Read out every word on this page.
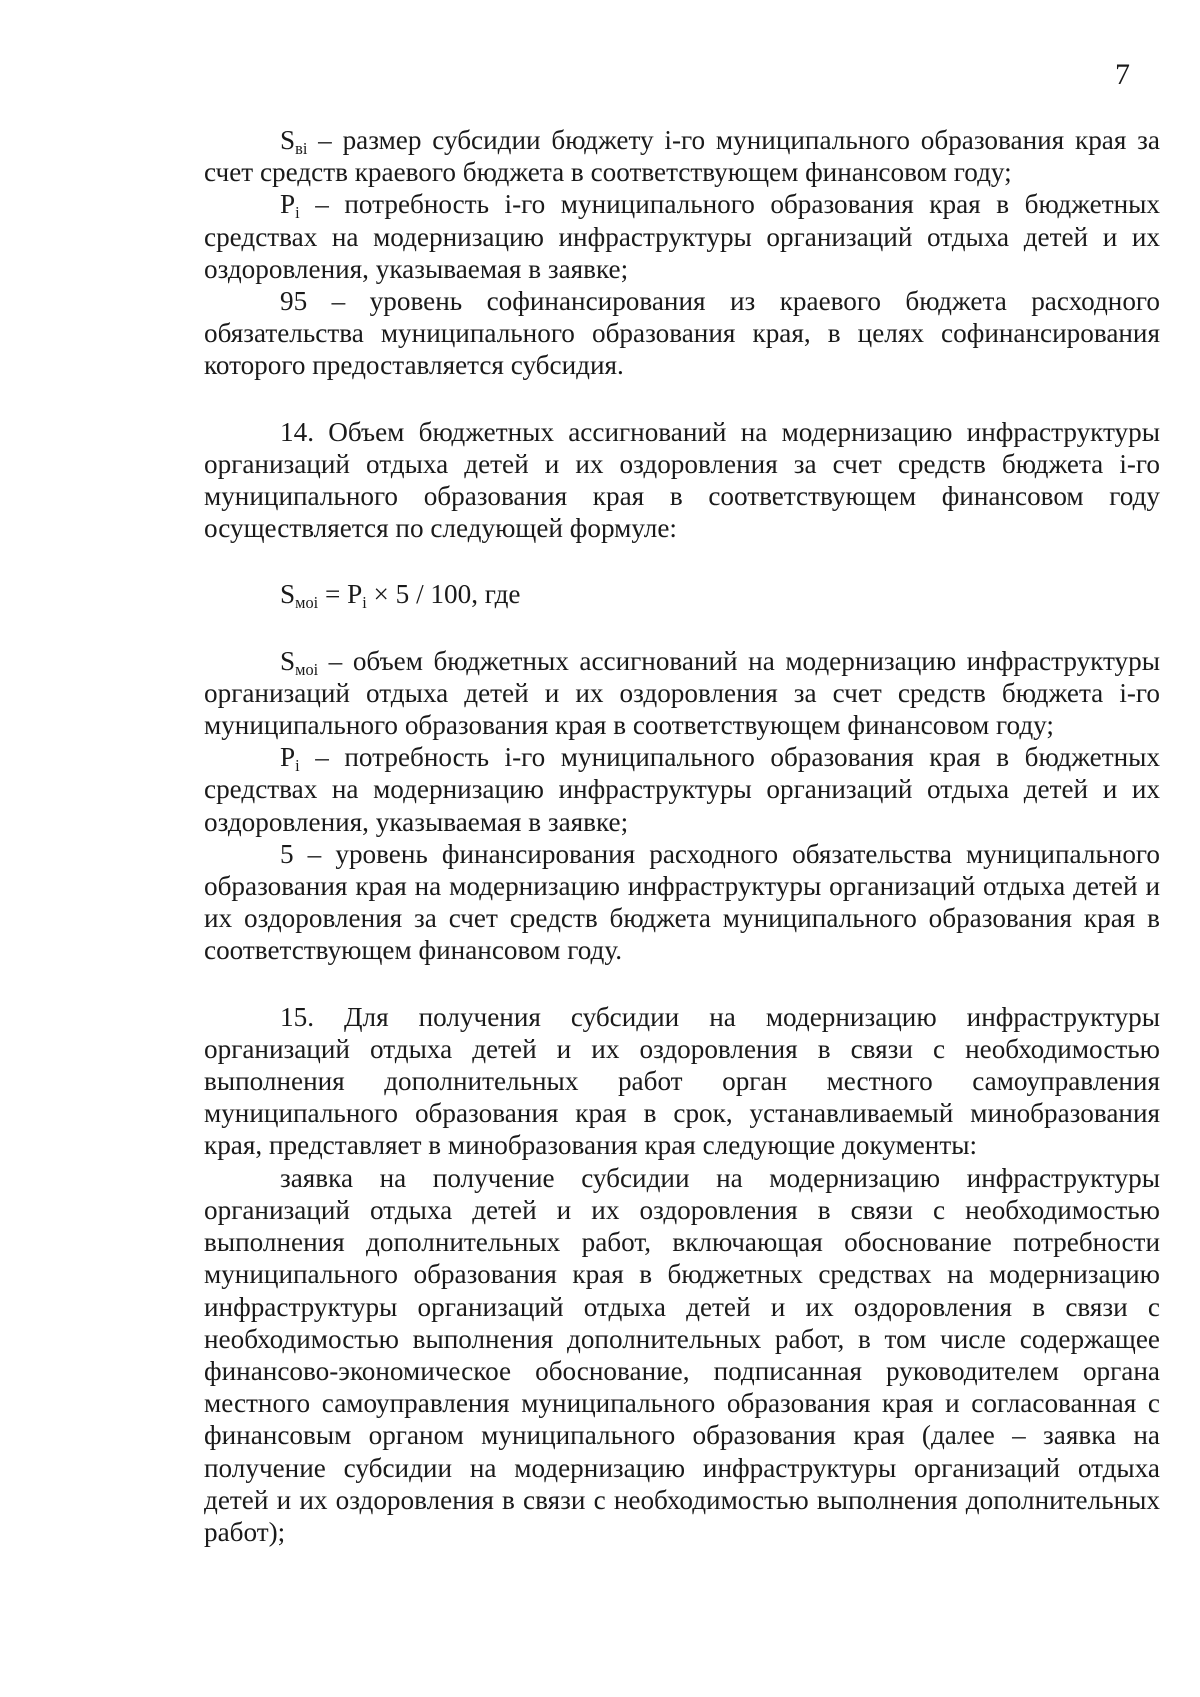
7

$S_{вi}$ – размер субсидии бюджету i-го муниципального образования края за счет средств краевого бюджета в соответствующем финансовом году;

$P_i$ – потребность i-го муниципального образования края в бюджетных средствах на модернизацию инфраструктуры организаций отдыха детей и их оздоровления, указываемая в заявке;

95 – уровень софинансирования из краевого бюджета расходного обязательства муниципального образования края, в целях софинансирования которого предоставляется субсидия.

14. Объем бюджетных ассигнований на модернизацию инфраструктуры организаций отдыха детей и их оздоровления за счет средств бюджета i-го муниципального образования края в соответствующем финансовом году осуществляется по следующей формуле:

$S_{мoi} = P_i \times 5 / 100$, где

$S_{мoi}$ – объем бюджетных ассигнований на модернизацию инфраструктуры организаций отдыха детей и их оздоровления за счет средств бюджета i-го муниципального образования края в соответствующем финансовом году;

$P_i$ – потребность i-го муниципального образования края в бюджетных средствах на модернизацию инфраструктуры организаций отдыха детей и их оздоровления, указываемая в заявке;

5 – уровень финансирования расходного обязательства муниципального образования края на модернизацию инфраструктуры организаций отдыха детей и их оздоровления за счет средств бюджета муниципального образования края в соответствующем финансовом году.

15. Для получения субсидии на модернизацию инфраструктуры организаций отдыха детей и их оздоровления в связи с необходимостью выполнения дополнительных работ орган местного самоуправления муниципального образования края в срок, устанавливаемый минобразования края, представляет в минобразования края следующие документы:

заявка на получение субсидии на модернизацию инфраструктуры организаций отдыха детей и их оздоровления в связи с необходимостью выполнения дополнительных работ, включающая обоснование потребности муниципального образования края в бюджетных средствах на модернизацию инфраструктуры организаций отдыха детей и их оздоровления в связи с необходимостью выполнения дополнительных работ, в том числе содержащее финансово-экономическое обоснование, подписанная руководителем органа местного самоуправления муниципального образования края и согласованная с финансовым органом муниципального образования края (далее – заявка на получение субсидии на модернизацию инфраструктуры организаций отдыха детей и их оздоровления в связи с необходимостью выполнения дополнительных работ);
